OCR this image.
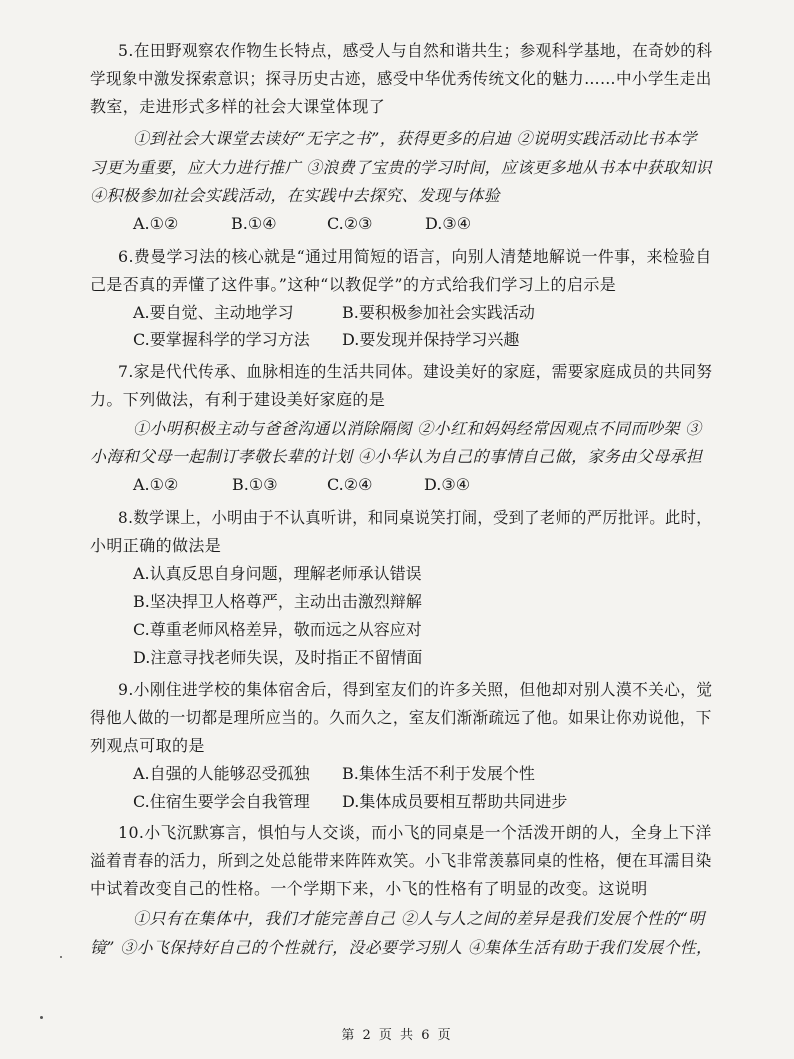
5.在田野观察农作物生长特点，感受人与自然和谐共生；参观科学基地，在奇妙的科
学现象中激发探索意识；探寻历史古迹，感受中华优秀传统文化的魅力……中小学生走出
教室，走进形式多样的社会大课堂体现了
①到社会大课堂去读好“无字之书”，获得更多的启迪 ②说明实践活动比书本学
习更为重要，应大力进行推广 ③浪费了宝贵的学习时间，应该更多地从书本中获取知识
④积极参加社会实践活动，在实践中去探究、发现与体验
A.①②	B.①④	C.②③	D.③④
6.费曼学习法的核心就是“通过用简短的语言，向别人清楚地解说一件事，来检验自
己是否真的弄懂了这件事。”这种“以教促学”的方式给我们学习上的启示是
A.要自觉、主动地学习	B.要积极参加社会实践活动
C.要掌握科学的学习方法 D.要发现并保持学习兴趣
7.家是代代传承、血脉相连的生活共同体。建设美好的家庭，需要家庭成员的共同努
力。下列做法，有利于建设美好家庭的是
①小明积极主动与爸爸沟通以消除隔阂 ②小红和妈妈经常因观点不同而吵架 ③
小海和父母一起制订孝敬长辈的计划 ④小华认为自己的事情自己做，家务由父母承担
A.①②	B.①③	C.②④	D.③④
8.数学课上，小明由于不认真听讲，和同桌说笑打闹，受到了老师的严厉批评。此时，
小明正确的做法是
A.认真反思自身问题，理解老师承认错误
B.坚决捍卫人格尊严，主动出击激烈辩解
C.尊重老师风格差异，敬而远之从容应对
D.注意寻找老师失误，及时指正不留情面
9.小刚住进学校的集体宿舍后，得到室友们的许多关照，但他却对别人漠不关心，觉
得他人做的一切都是理所应当的。久而久之，室友们渐渐疏远了他。如果让你劝说他，下
列观点可取的是
A.自强的人能够忍受孤独 B.集体生活不利于发展个性
C.住宿生要学会自我管理 D.集体成员要相互帮助共同进步
10.小飞沉默寡言，惧怕与人交谈，而小飞的同桌是一个活泼开朗的人，全身上下洋
溢着青春的活力，所到之处总能带来阵阵欢笑。小飞非常羡慕同桌的性格，便在耳濡目染
中试着改变自己的性格。一个学期下来，小飞的性格有了明显的改变。这说明
①只有在集体中，我们才能完善自己 ②人与人之间的差异是我们发展个性的“明
镜” ③小飞保持好自己的个性就行，没必要学习别人 ④集体生活有助于我们发展个性，
第 2 页 共 6 页
